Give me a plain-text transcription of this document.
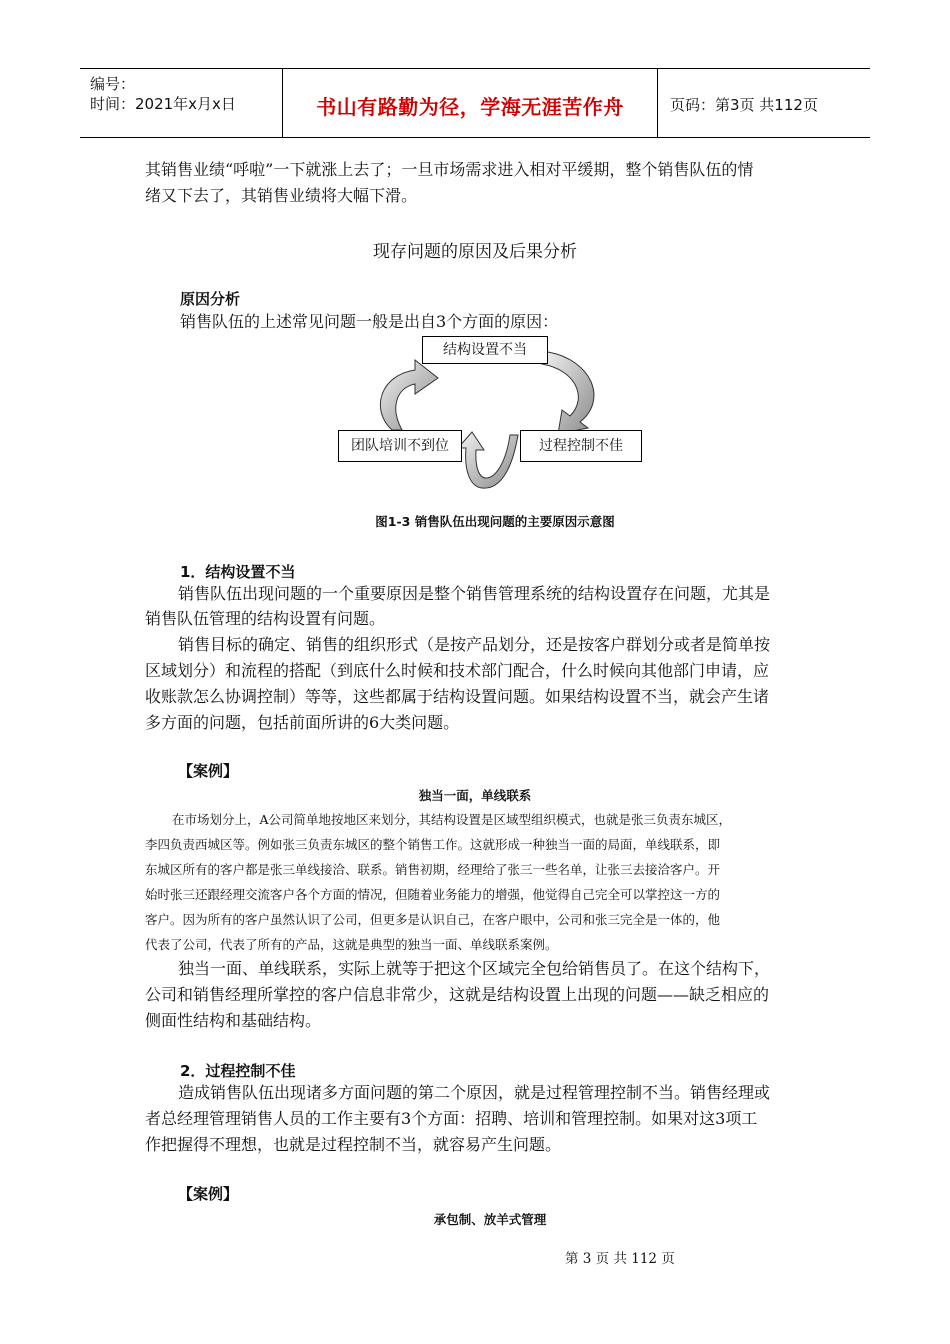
编号：
时间：2021年x月x日	书山有路勤为径，学海无涯苦作舟	页码：第3页 共112页
其销售业绩“呼啦”一下就涨上去了；一旦市场需求进入相对平缓期，整个销售队伍的情
绪又下去了，其销售业绩将大幅下滑。
现存问题的原因及后果分析
原因分析
销售队伍的上述常见问题一般是出自3个方面的原因：
结构设置不当
团队培训不到位	过程控制不佳
图1-3 销售队伍出现问题的主要原因示意图
1．结构设置不当
销售队伍出现问题的一个重要原因是整个销售管理系统的结构设置存在问题，尤其是
销售队伍管理的结构设置有问题。
销售目标的确定、销售的组织形式（是按产品划分，还是按客户群划分或者是简单按
区域划分）和流程的搭配（到底什么时候和技术部门配合，什么时候向其他部门申请，应
收账款怎么协调控制）等等，这些都属于结构设置问题。如果结构设置不当，就会产生诸
多方面的问题，包括前面所讲的6大类问题。
【案例】
独当一面，单线联系
在市场划分上，A公司简单地按地区来划分，其结构设置是区域型组织模式，也就是张三负责东城区，
李四负责西城区等。例如张三负责东城区的整个销售工作。这就形成一种独当一面的局面，单线联系，即
东城区所有的客户都是张三单线接洽、联系。销售初期，经理给了张三一些名单，让张三去接洽客户。开
始时张三还跟经理交流客户各个方面的情况，但随着业务能力的增强，他觉得自己完全可以掌控这一方的
客户。因为所有的客户虽然认识了公司，但更多是认识自己，在客户眼中，公司和张三完全是一体的，他
代表了公司，代表了所有的产品，这就是典型的独当一面、单线联系案例。
独当一面、单线联系，实际上就等于把这个区域完全包给销售员了。在这个结构下，
公司和销售经理所掌控的客户信息非常少，这就是结构设置上出现的问题——缺乏相应的
侧面性结构和基础结构。
2．过程控制不佳
造成销售队伍出现诸多方面问题的第二个原因，就是过程管理控制不当。销售经理或
者总经理管理销售人员的工作主要有3个方面：招聘、培训和管理控制。如果对这3项工
作把握得不理想，也就是过程控制不当，就容易产生问题。
【案例】
承包制、放羊式管理
第 3 页 共 112 页
